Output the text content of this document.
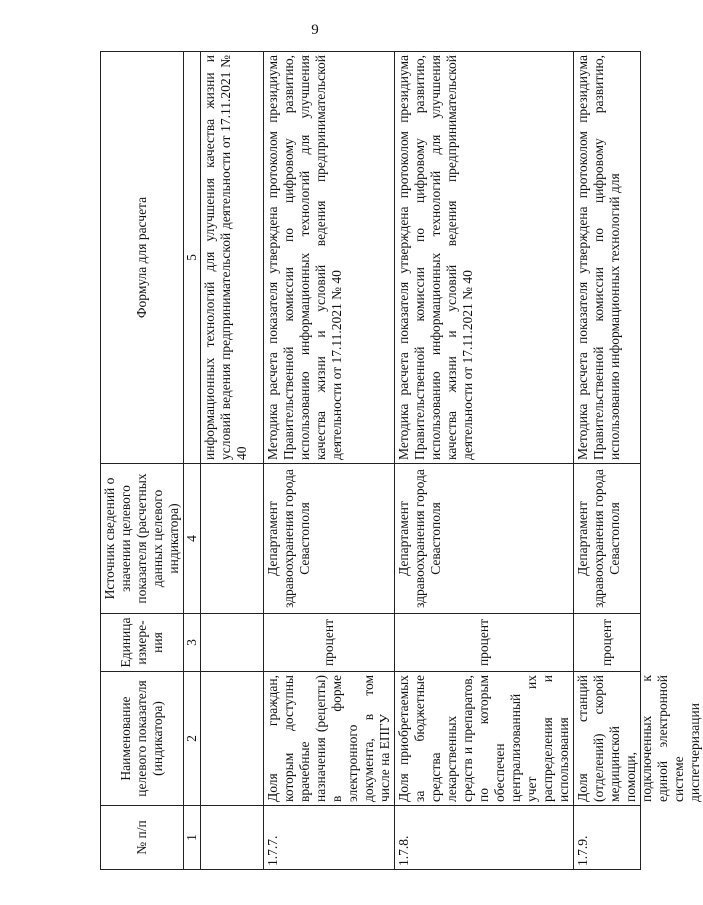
9
№ п/п	Наименование целевого показателя (индикатора)	Единица измере-ния	Источник сведений о значении целевого показателя (расчетных данных целевого индикатора)	Формула для расчета
1	2	3	4	5
				информационных технологий для улучшения качества жизни и условий ведения предпринимательской деятельности от 17.11.2021 № 40
1.7.7.	Доля граждан, которым доступны врачебные назначения (рецепты) в форме электронного документа, в том числе на ЕПГУ	процент	Департамент здравоохранения города Севастополя	Методика расчета показателя утверждена протоколом президиума Правительственной комиссии по цифровому развитию, использованию информационных технологий для улучшения качества жизни и условий ведения предпринимательской деятельности от 17.11.2021 № 40
1.7.8.	Доля приобретаемых за бюджетные средства лекарственных средств и препаратов, по которым обеспечен централизованный учет их распределения и использования	процент	Департамент здравоохранения города Севастополя	Методика расчета показателя утверждена протоколом президиума Правительственной комиссии по цифровому развитию, использованию информационных технологий для улучшения качества жизни и условий ведения предпринимательской деятельности от 17.11.2021 № 40
1.7.9.	Доля станций (отделений) скорой медицинской помощи, подключенных к единой электронной системе диспетчеризации	процент	Департамент здравоохранения города Севастополя	Методика расчета показателя утверждена протоколом президиума Правительственной комиссии по цифровому развитию, использованию информационных технологий для
